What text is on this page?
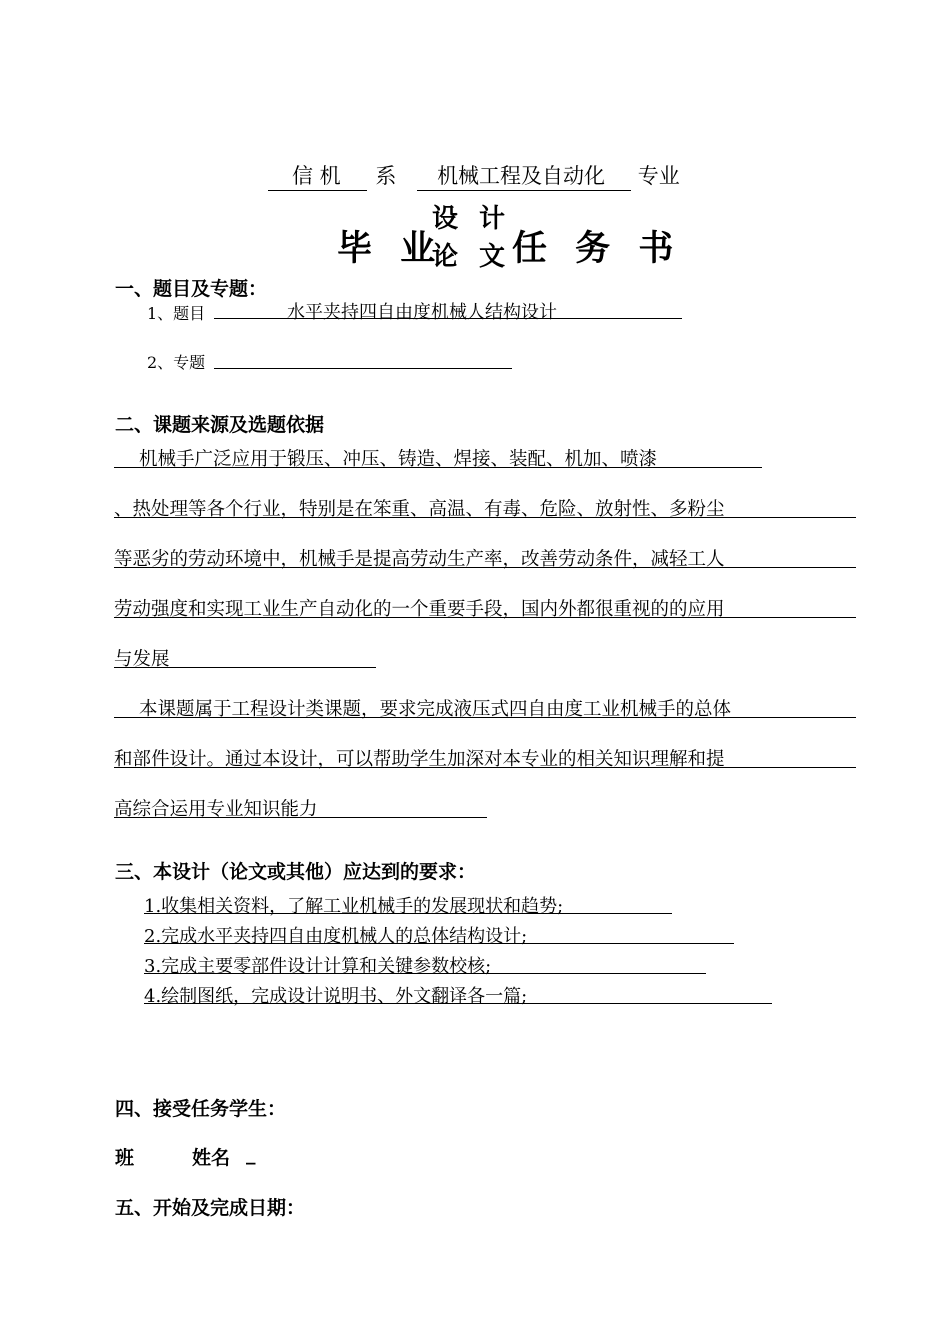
信 机 系 机械工程及自动化 专业
毕 业
设 计
论 文 任 务 书
一、题目及专题：
1、题目	水平夹持四自由度机械人结构设计
2、专题
二、课题来源及选题依据
机械手广泛应用于锻压、冲压、铸造、焊接、装配、机加、喷漆
、热处理等各个行业，特别是在笨重、高温、有毒、危险、放射性、多粉尘
等恶劣的劳动环境中，机械手是提高劳动生产率，改善劳动条件，减轻工人
劳动强度和实现工业生产自动化的一个重要手段，国内外都很重视的的应用
与发展
本课题属于工程设计类课题，要求完成液压式四自由度工业机械手的总体
和部件设计。通过本设计，可以帮助学生加深对本专业的相关知识理解和提
高综合运用专业知识能力
三、本设计（论文或其他）应达到的要求：
1.收集相关资料，了解工业机械手的发展现状和趋势;
2.完成水平夹持四自由度机械人的总体结构设计;
3.完成主要零部件设计计算和关键参数校核;
4.绘制图纸，完成设计说明书、外文翻译各一篇;
四、接受任务学生：
班	姓名 _
五、开始及完成日期：
